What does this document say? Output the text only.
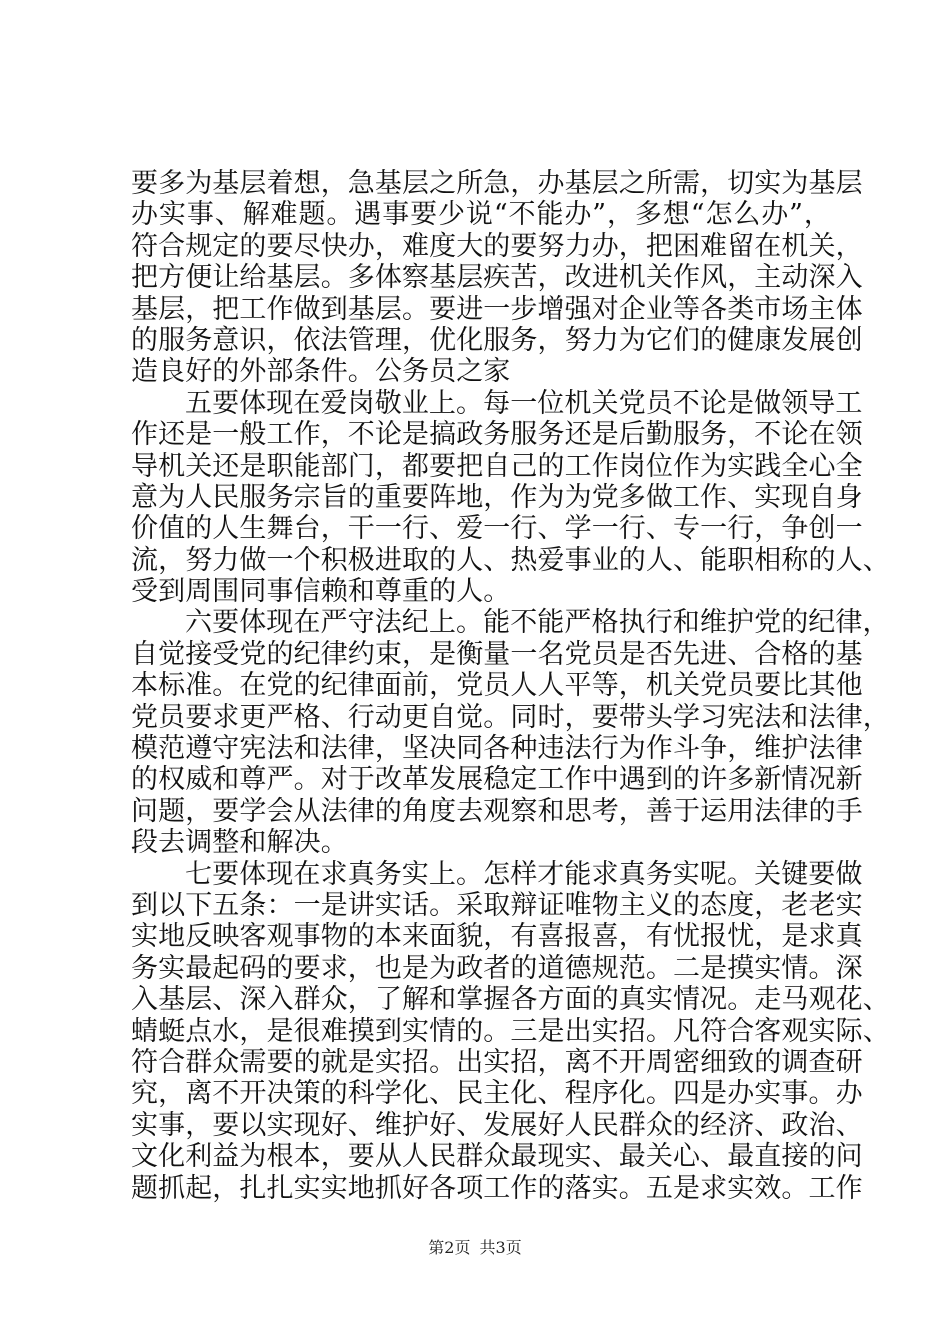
要多为基层着想，急基层之所急，办基层之所需，切实为基层
办实事、解难题。遇事要少说“不能办”，多想“怎么办”，
符合规定的要尽快办，难度大的要努力办，把困难留在机关，
把方便让给基层。多体察基层疾苦，改进机关作风，主动深入
基层，把工作做到基层。要进一步增强对企业等各类市场主体
的服务意识，依法管理，优化服务，努力为它们的健康发展创
造良好的外部条件。公务员之家
五要体现在爱岗敬业上。每一位机关党员不论是做领导工
作还是一般工作，不论是搞政务服务还是后勤服务，不论在领
导机关还是职能部门，都要把自己的工作岗位作为实践全心全
意为人民服务宗旨的重要阵地，作为为党多做工作、实现自身
价值的人生舞台，干一行、爱一行、学一行、专一行，争创一
流，努力做一个积极进取的人、热爱事业的人、能职相称的人、
受到周围同事信赖和尊重的人。
六要体现在严守法纪上。能不能严格执行和维护党的纪律，
自觉接受党的纪律约束，是衡量一名党员是否先进、合格的基
本标准。在党的纪律面前，党员人人平等，机关党员要比其他
党员要求更严格、行动更自觉。同时，要带头学习宪法和法律，
模范遵守宪法和法律，坚决同各种违法行为作斗争，维护法律
的权威和尊严。对于改革发展稳定工作中遇到的许多新情况新
问题，要学会从法律的角度去观察和思考，善于运用法律的手
段去调整和解决。
七要体现在求真务实上。怎样才能求真务实呢。关键要做
到以下五条：一是讲实话。采取辩证唯物主义的态度，老老实
实地反映客观事物的本来面貌，有喜报喜，有忧报忧，是求真
务实最起码的要求，也是为政者的道德规范。二是摸实情。深
入基层、深入群众，了解和掌握各方面的真实情况。走马观花、
蜻蜓点水，是很难摸到实情的。三是出实招。凡符合客观实际、
符合群众需要的就是实招。出实招，离不开周密细致的调查研
究，离不开决策的科学化、民主化、程序化。四是办实事。办
实事，要以实现好、维护好、发展好人民群众的经济、政治、
文化利益为根本，要从人民群众最现实、最关心、最直接的问
题抓起，扎扎实实地抓好各项工作的落实。五是求实效。工作
第2页 共3页
